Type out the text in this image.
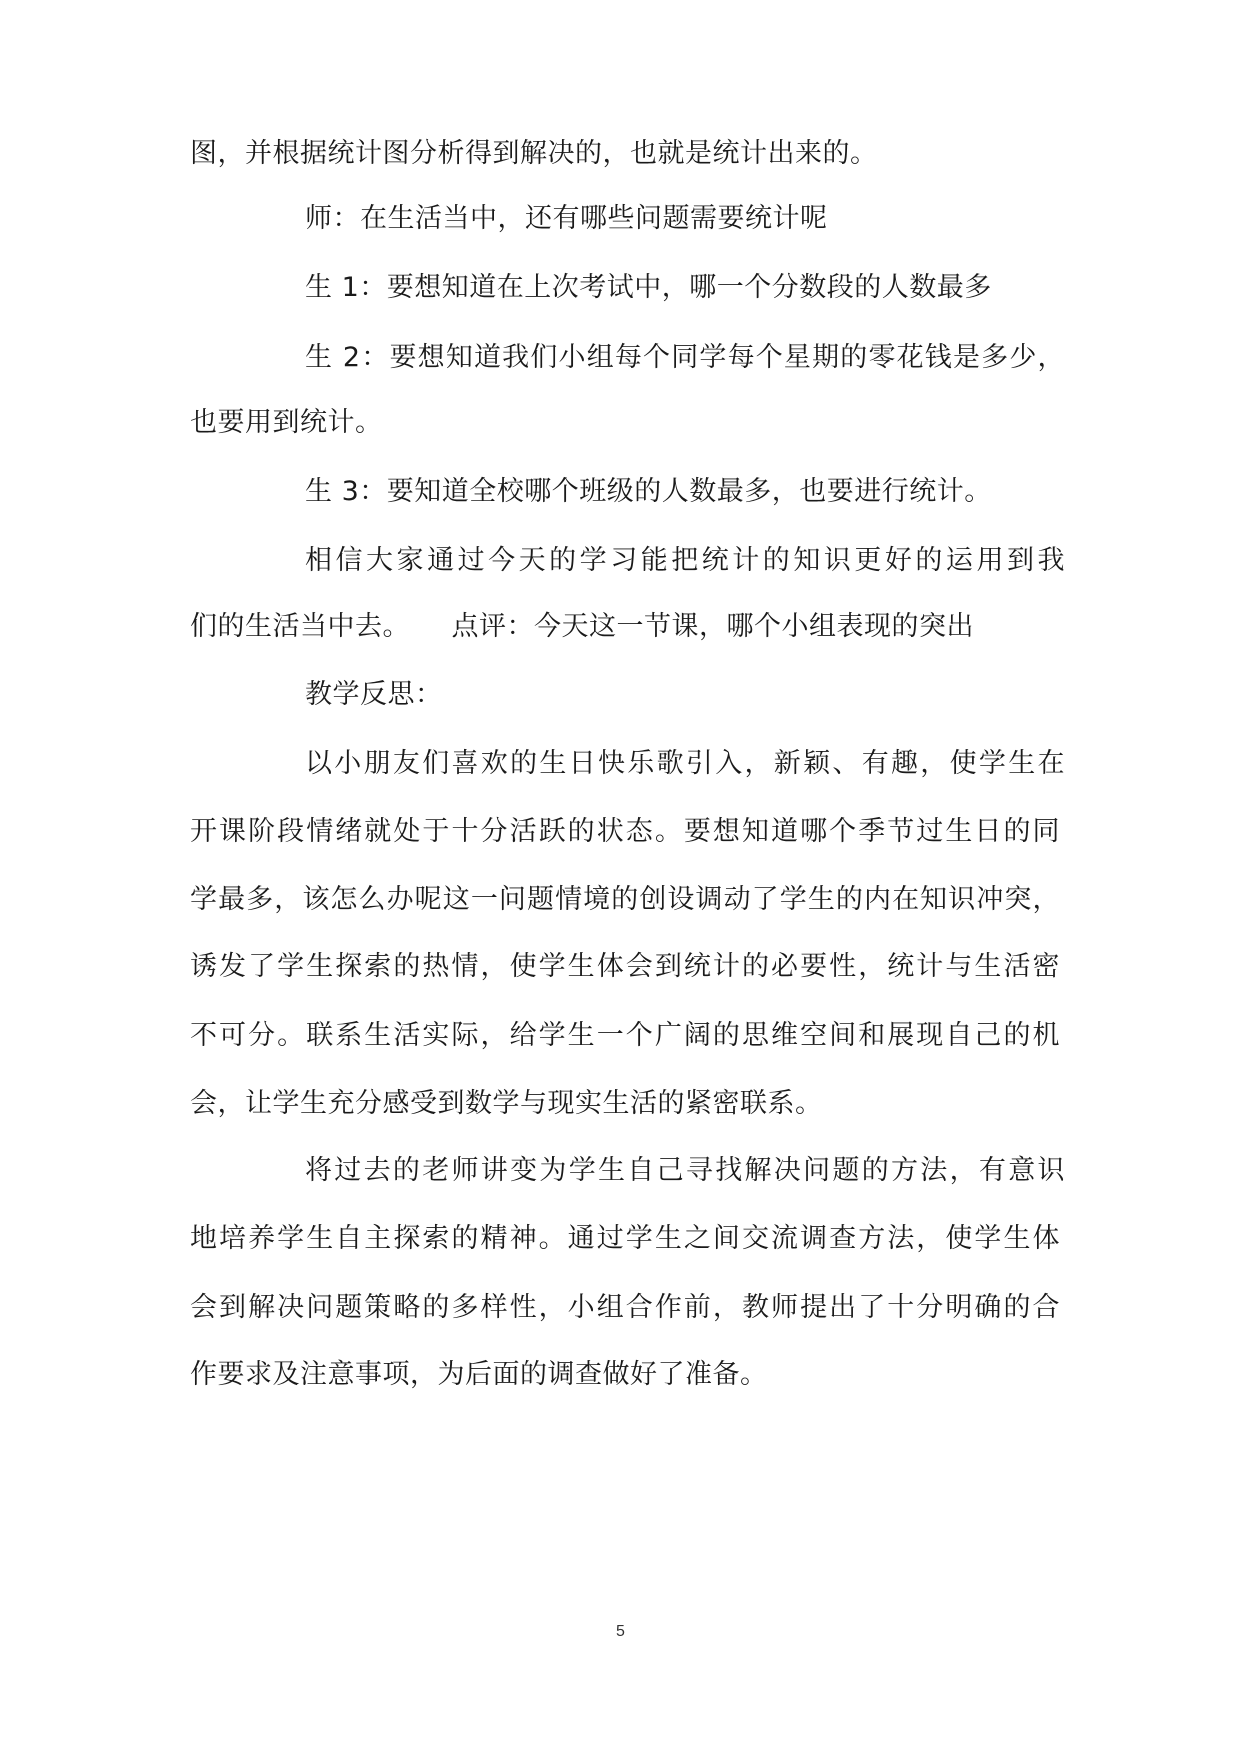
图，并根据统计图分析得到解决的，也就是统计出来的。
师：在生活当中，还有哪些问题需要统计呢
生 1：要想知道在上次考试中，哪一个分数段的人数最多
生 2：要想知道我们小组每个同学每个星期的零花钱是多少，
也要用到统计。
生 3：要知道全校哪个班级的人数最多，也要进行统计。
相信大家通过今天的学习能把统计的知识更好的运用到我
们的生活当中去。　　点评：今天这一节课，哪个小组表现的突出
教学反思：
以小朋友们喜欢的生日快乐歌引入，新颖、有趣，使学生在
开课阶段情绪就处于十分活跃的状态。要想知道哪个季节过生日的同
学最多，该怎么办呢这一问题情境的创设调动了学生的内在知识冲突，
诱发了学生探索的热情，使学生体会到统计的必要性，统计与生活密
不可分。联系生活实际，给学生一个广阔的思维空间和展现自己的机
会，让学生充分感受到数学与现实生活的紧密联系。
将过去的老师讲变为学生自己寻找解决问题的方法，有意识
地培养学生自主探索的精神。通过学生之间交流调查方法，使学生体
会到解决问题策略的多样性，小组合作前，教师提出了十分明确的合
作要求及注意事项，为后面的调查做好了准备。
5
